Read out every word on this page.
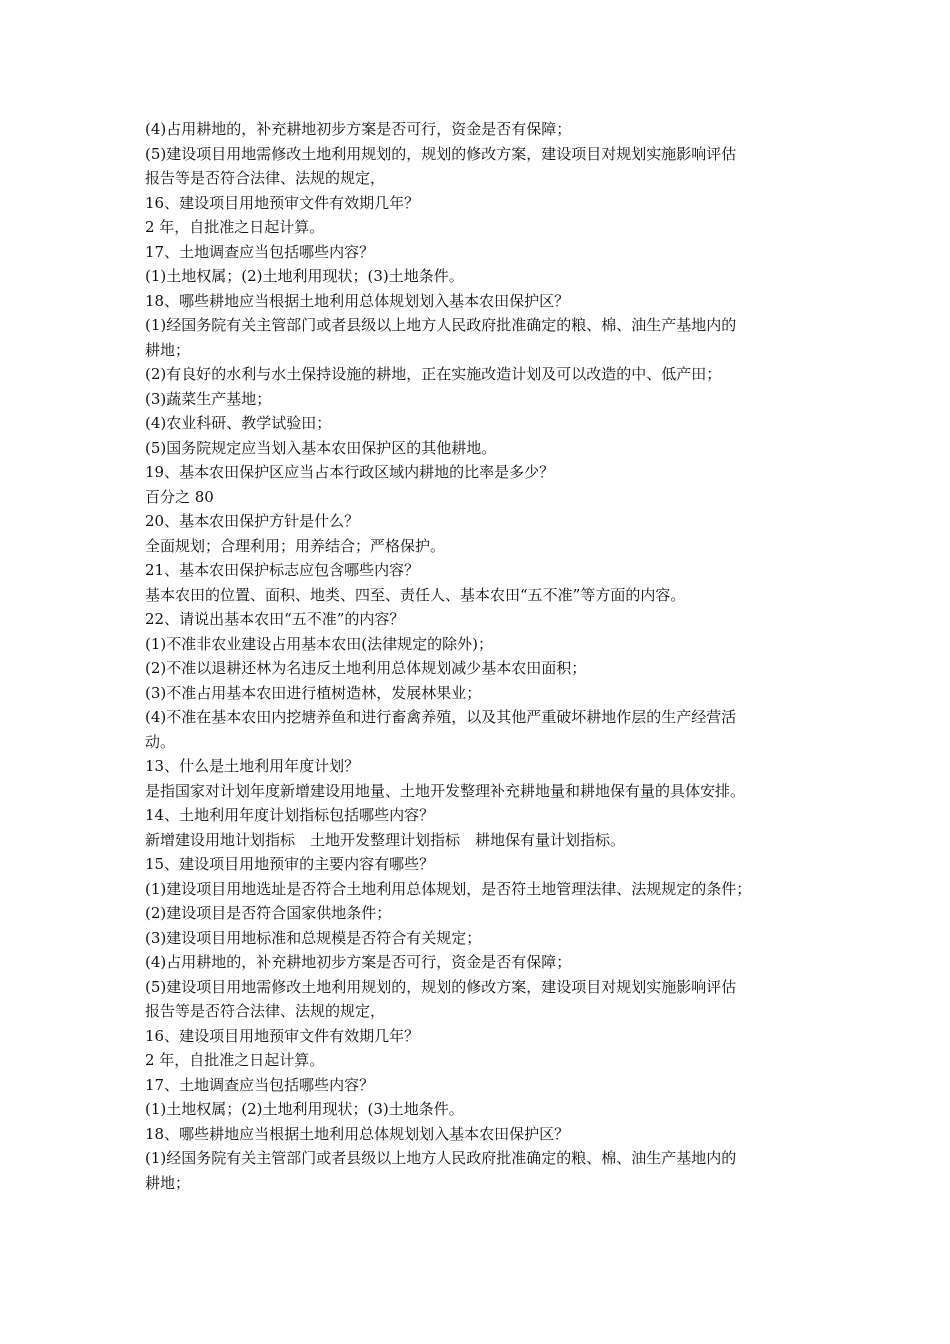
(4)占用耕地的，补充耕地初步方案是否可行，资金是否有保障；
(5)建设项目用地需修改土地利用规划的，规划的修改方案，建设项目对规划实施影响评估
报告等是否符合法律、法规的规定，
16、建设项目用地预审文件有效期几年？
2 年，自批准之日起计算。
17、土地调查应当包括哪些内容？
(1)土地权属；(2)土地利用现状；(3)土地条件。
18、哪些耕地应当根据土地利用总体规划划入基本农田保护区？
(1)经国务院有关主管部门或者县级以上地方人民政府批准确定的粮、棉、油生产基地内的
耕地；
(2)有良好的水利与水土保持设施的耕地，正在实施改造计划及可以改造的中、低产田；
(3)蔬菜生产基地；
(4)农业科研、教学试验田；
(5)国务院规定应当划入基本农田保护区的其他耕地。
19、基本农田保护区应当占本行政区域内耕地的比率是多少？
百分之 80
20、基本农田保护方针是什么？
全面规划；合理利用；用养结合；严格保护。
21、基本农田保护标志应包含哪些内容？
基本农田的位置、面积、地类、四至、责任人、基本农田“五不准”等方面的内容。
22、请说出基本农田“五不准”的内容？
(1)不准非农业建设占用基本农田(法律规定的除外)；
(2)不准以退耕还林为名违反土地利用总体规划减少基本农田面积；
(3)不准占用基本农田进行植树造林，发展林果业；
(4)不准在基本农田内挖塘养鱼和进行畜禽养殖，以及其他严重破坏耕地作层的生产经营活
动。
13、什么是土地利用年度计划？
是指国家对计划年度新增建设用地量、土地开发整理补充耕地量和耕地保有量的具体安排。
14、土地利用年度计划指标包括哪些内容？
新增建设用地计划指标　土地开发整理计划指标　耕地保有量计划指标。
15、建设项目用地预审的主要内容有哪些？
(1)建设项目用地选址是否符合土地利用总体规划，是否符土地管理法律、法规规定的条件；
(2)建设项目是否符合国家供地条件；
(3)建设项目用地标准和总规模是否符合有关规定；
(4)占用耕地的，补充耕地初步方案是否可行，资金是否有保障；
(5)建设项目用地需修改土地利用规划的，规划的修改方案，建设项目对规划实施影响评估
报告等是否符合法律、法规的规定，
16、建设项目用地预审文件有效期几年？
2 年，自批准之日起计算。
17、土地调查应当包括哪些内容？
(1)土地权属；(2)土地利用现状；(3)土地条件。
18、哪些耕地应当根据土地利用总体规划划入基本农田保护区？
(1)经国务院有关主管部门或者县级以上地方人民政府批准确定的粮、棉、油生产基地内的
耕地；
